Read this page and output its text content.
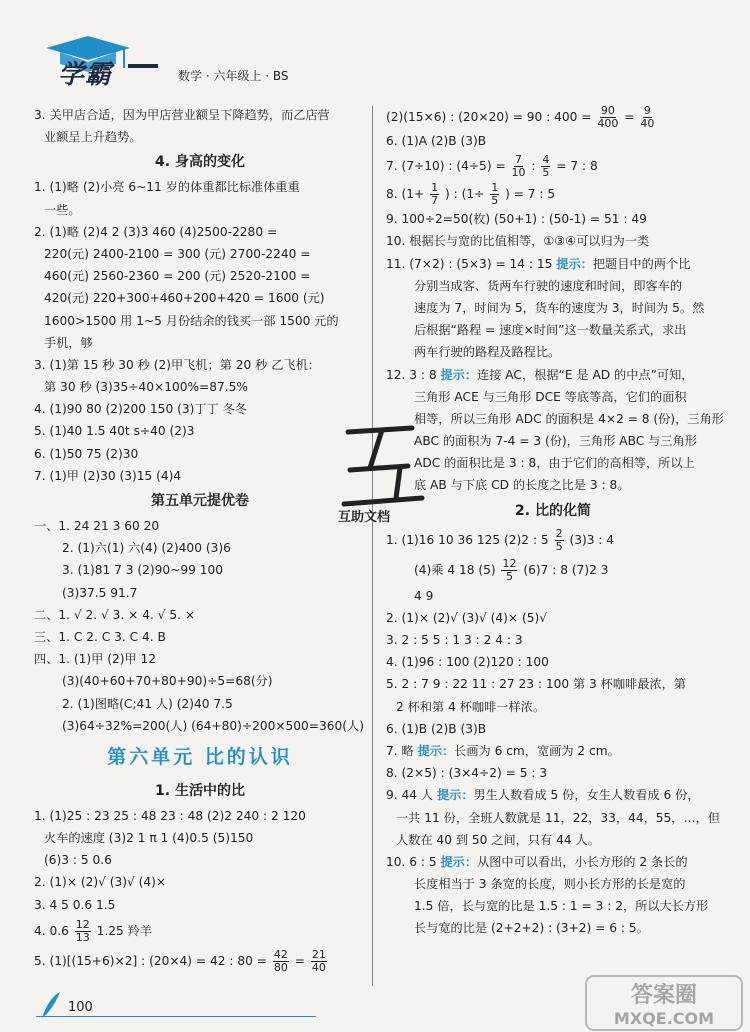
学霸	数学 · 六年级上 · BS
3. 关甲店合适，因为甲店营业额呈下降趋势，而乙店营
业额呈上升趋势。
4. 身高的变化
1. (1)略 (2)小亮 6~11 岁的体重都比标准体重重
一些。
2. (1)略 (2)4 2 (3)3 460 (4)2500-2280 =
220(元) 2400-2100 = 300 (元) 2700-2240 =
460(元) 2560-2360 = 200 (元) 2520-2100 =
420(元) 220+300+460+200+420 = 1600 (元)
1600>1500 用 1~5 月份结余的钱买一部 1500 元的
手机，够
3. (1)第 15 秒 30 秒 (2)甲飞机；第 20 秒 乙飞机：
第 30 秒 (3)35÷40×100%=87.5%
4. (1)90 80 (2)200 150 (3)丁丁 冬冬
5. (1)40 1.5 40t s÷40 (2)3
6. (1)50 75 (2)30
7. (1)甲 (2)30 (3)15 (4)4
第五单元提优卷
一、1. 24 21 3 60 20
2. (1)六(1) 六(4) (2)400 (3)6
3. (1)81 7 3 (2)90~99 100
(3)37.5 91.7
二、1. √ 2. √ 3. × 4. √ 5. ×
三、1. C 2. C 3. C 4. B
四、1. (1)甲 (2)甲 12
(3)(40+60+70+80+90)÷5=68(分)
2. (1)图略(C;41 人) (2)40 7.5
(3)64÷32%=200(人) (64+80)÷200×500=360(人)
第六单元 比的认识
1. 生活中的比
1. (1)25 : 23 25 : 48 23 : 48 (2)2 240 : 2 120
火车的速度 (3)2 1 π 1 (4)0.5 (5)150
(6)3 : 5 0.6
2. (1)× (2)√ (3)√ (4)×
3. 4 5 0.6 1.5
4. $0.6 \frac{12}{13} 1.25$ 羚羊
5. (1)[(15+6)×2] : (20×4) = 42 : $80 = \frac{42}{80} = \frac{21}{40}$
(2)(15×6) : (20×20) = 90 : $400 = \frac{90}{400} = \frac{9}{40}$
6. (1)A (2)B (3)B
7. (7÷10) : $(4\div 5) = \frac{7}{10}$ : $\frac{4}{5} = 7$ : 8
8. ($1+ \frac{1}{7}$ ) : ($1\div \frac{1}{5}$ ) = 7 : 5
9. 100÷2=50(枚) (50+1) : (50-1) = 51 : 49
10. 根据长与宽的比值相等，①③④可以归为一类
11. (7×2) : (5×3) = 14 : 15 提示：把题目中的两个比
分别当成客、货两车行驶的速度和时间，即客车的
速度为 7，时间为 5，货车的速度为 3，时间为 5。然
后根据“路程 = 速度×时间”这一数量关系式，求出
两车行驶的路程及路程比。
12. 3 : 8 提示：连接 AC，根据“E 是 AD 的中点”可知，
三角形 ACE 与三角形 DCE 等底等高，它们的面积
相等，所以三角形 ADC 的面积是 4×2 = 8 (份)，三角形
ABC 的面积为 7-4 = 3 (份)，三角形 ABC 与三角形
ADC 的面积比是 3 : 8，由于它们的高相等，所以上
底 AB 与下底 CD 的长度之比是 3 : 8。
2. 比的化简
1. (1)16 10 36 125 (2)2 : $5 \frac{2}{5} (3)3$ : 4
(4)乘 4 18 $(5) \frac{12}{5} (6)7$ : 8 (7)2 3
4 9
2. (1)× (2)√ (3)√ (4)× (5)√
3. 2 : 5 5 : 1 3 : 2 4 : 3
4. (1)96 : 100 (2)120 : 100
5. 2 : 7 9 : 22 11 : 27 23 : 100 第 3 杯咖啡最浓，第
2 杯和第 4 杯咖啡一样浓。
6. (1)B (2)B (3)B
7. 略 提示：长画为 6 cm，宽画为 2 cm。
8. (2×5) : (3×4÷2) = 5 : 3
9. 44 人 提示：男生人数看成 5 份，女生人数看成 6 份，
一共 11 份，全班人数就是 11，22，33，44，55，…，但
人数在 40 到 50 之间，只有 44 人。
10. 6 : 5 提示：从图中可以看出，小长方形的 2 条长的
长度相当于 3 条宽的长度，则小长方形的长是宽的
1.5 倍，长与宽的比是 1.5 : 1 = 3 : 2，所以大长方形
长与宽的比是 (2+2+2) : (3+2) = 6 : 5。
互助文档
100	答案圈
MXQE.COM
